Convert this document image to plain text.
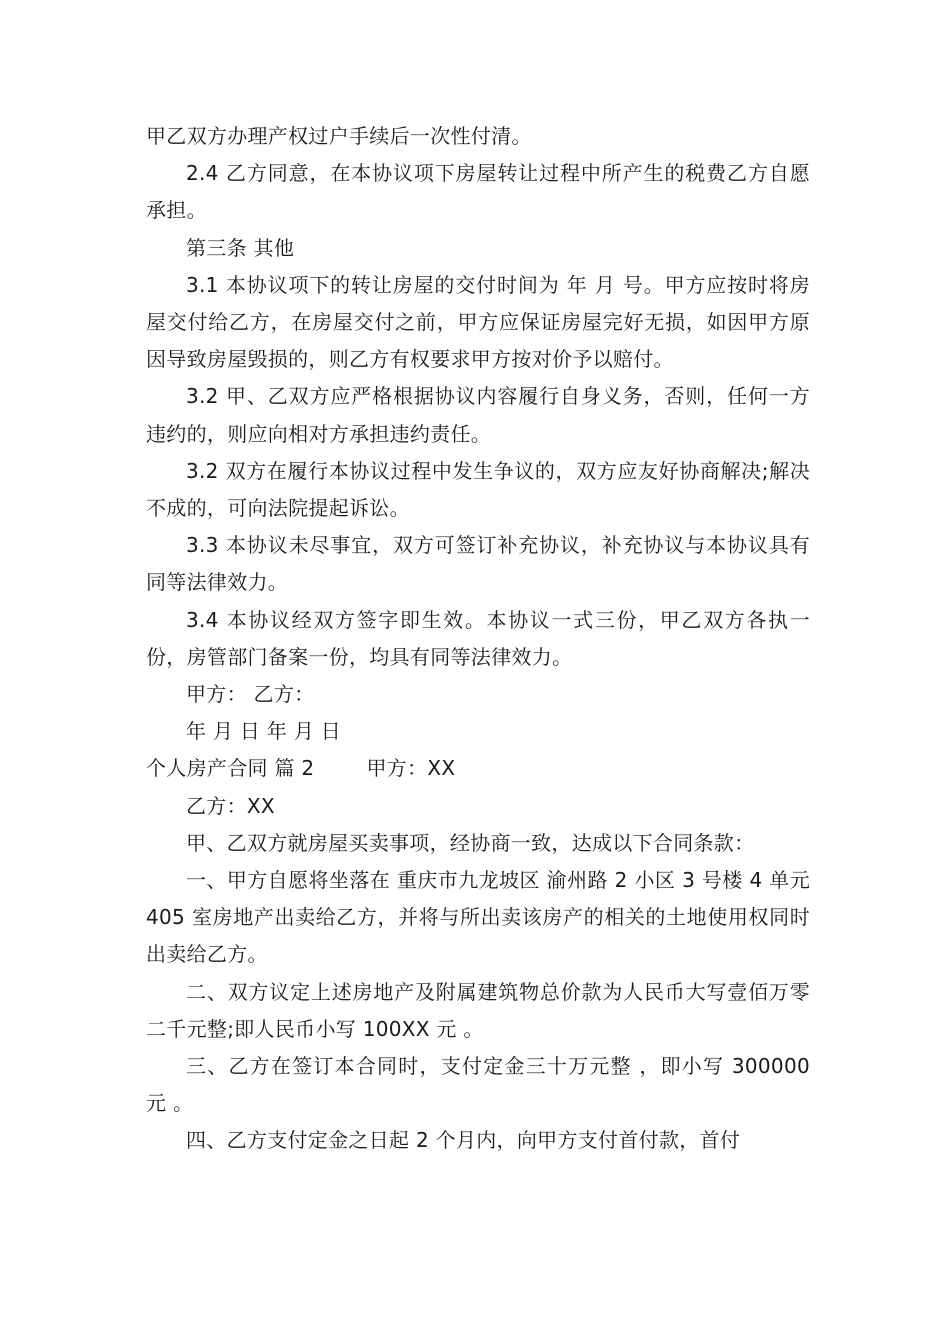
甲乙双方办理产权过户手续后一次性付清。

2.4 乙方同意，在本协议项下房屋转让过程中所产生的税费乙方自愿承担。

第三条 其他

3.1 本协议项下的转让房屋的交付时间为 年 月 号。甲方应按时将房屋交付给乙方，在房屋交付之前，甲方应保证房屋完好无损，如因甲方原因导致房屋毁损的，则乙方有权要求甲方按对价予以赔付。

3.2 甲、乙双方应严格根据协议内容履行自身义务，否则，任何一方违约的，则应向相对方承担违约责任。

3.2 双方在履行本协议过程中发生争议的，双方应友好协商解决;解决不成的，可向法院提起诉讼。

3.3 本协议未尽事宜，双方可签订补充协议，补充协议与本协议具有同等法律效力。

3.4 本协议经双方签字即生效。本协议一式三份，甲乙双方各执一份，房管部门备案一份，均具有同等法律效力。

甲方： 乙方：

年 月 日 年 月 日

个人房产合同 篇 2	甲方：XX

乙方：XX

甲、乙双方就房屋买卖事项，经协商一致，达成以下合同条款：

一、甲方自愿将坐落在 重庆市九龙坡区 渝州路 2 小区 3 号楼 4 单元 405 室房地产出卖给乙方，并将与所出卖该房产的相关的土地使用权同时出卖给乙方。

二、双方议定上述房地产及附属建筑物总价款为人民币大写壹佰万零二千元整;即人民币小写 100XX 元 。

三、乙方在签订本合同时，支付定金三十万元整 ，即小写 300000 元 。

四、乙方支付定金之日起 2 个月内，向甲方支付首付款，首付
